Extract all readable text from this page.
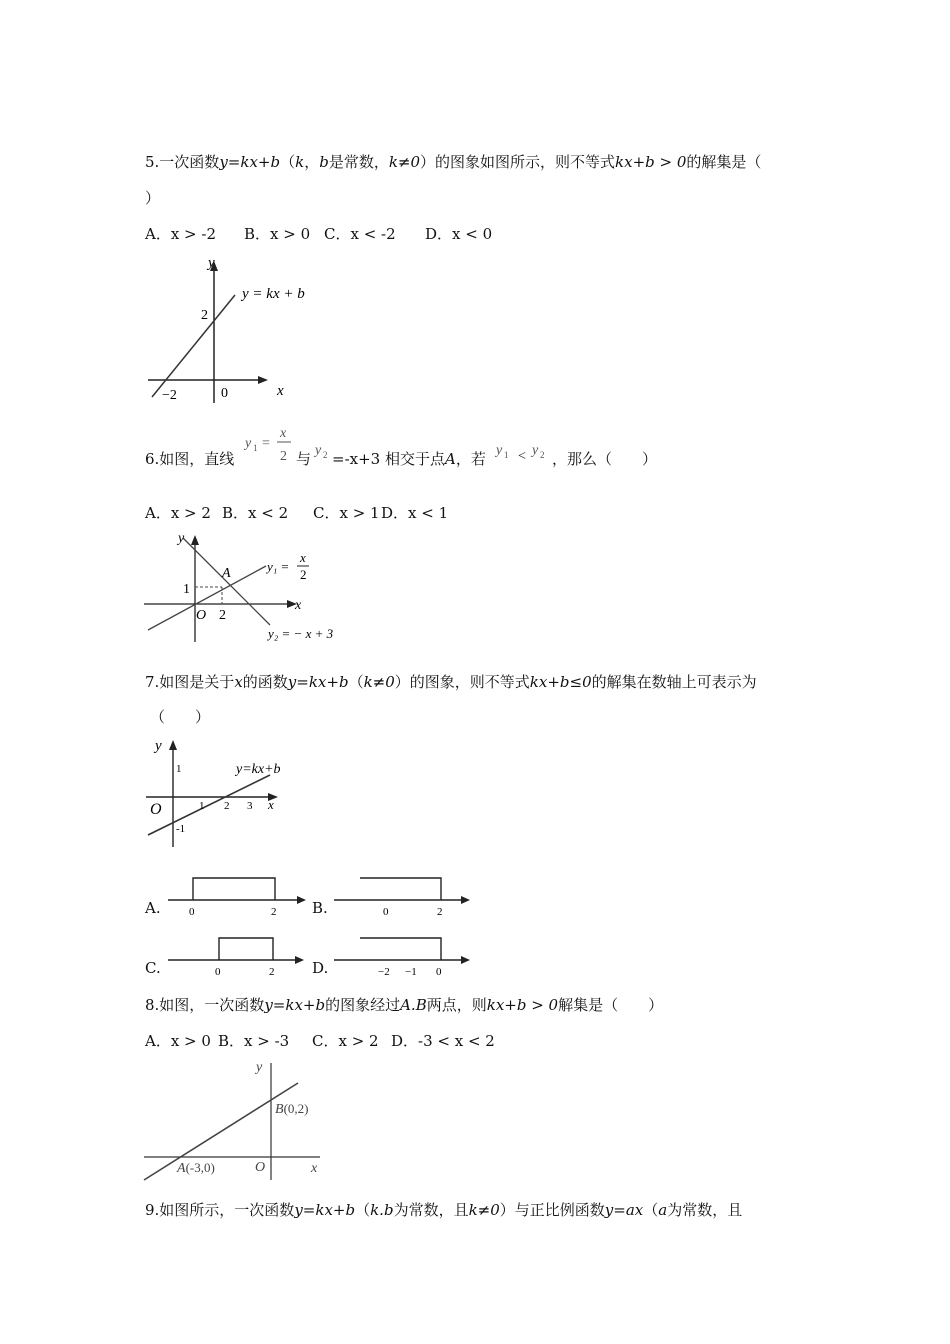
5.一次函数y=kx+b（k，b是常数，k≠0）的图象如图所示，则不等式kx+b > 0的解集是（
）
A．x > -2 B．x > 0 C．x < -2 D．x < 0
y
x
y = kx + b
2
−2	0
6.如图，直线
y 1 =
x
2 与 y 2 =-x+3 相交于点A，若 y 1 < y 2 ，那么（　　）
A．x > 2 B．x < 2 C．x > 1 D．x < 1
y
x
A
1
2
O
y₁ =
x
2
y₂ = − x + 3
7.如图是关于x的函数y=kx+b（k≠0）的图象，则不等式kx+b≤0的解集在数轴上可表示为
（　　）
y
x
O
1
-1
1 2 3
y=kx+b
A.	0	2 B.	0	2
C.	0	2	D.	−2 −1 0
8.如图，一次函数y=kx+b的图象经过A.B两点，则kx+b > 0解集是（　　）
A．x > 0 B．x > -3 C．x > 2 D．-3 < x < 2
y
x
O
B(0,2)
A(-3,0)
9.如图所示，一次函数y=kx+b（k.b为常数，且k≠0）与正比例函数y=ax（a为常数，且
